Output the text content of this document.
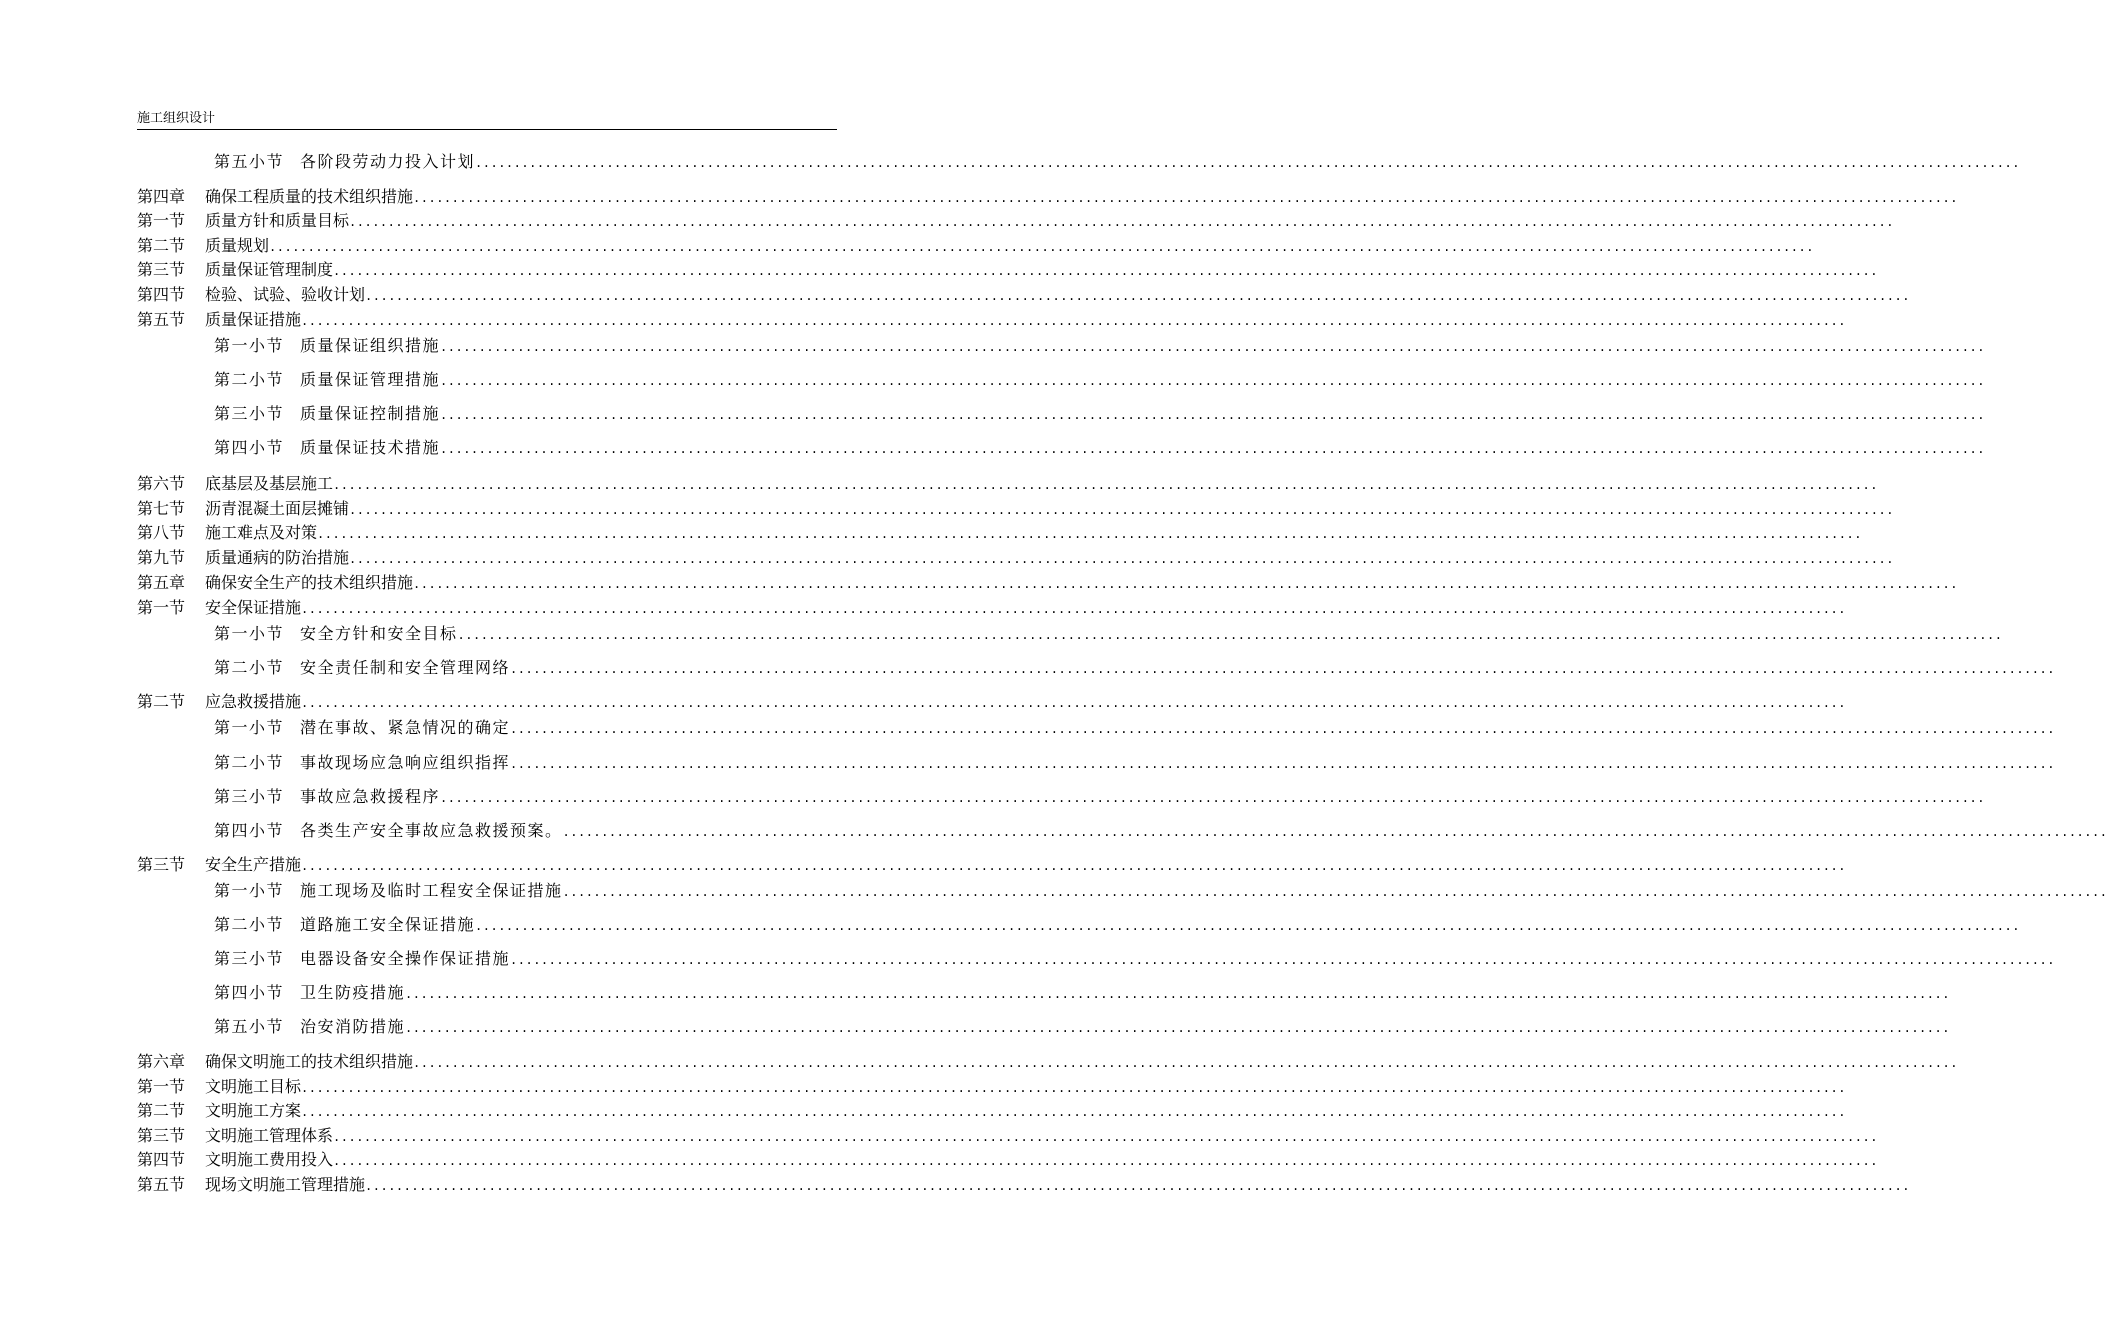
施工组织设计
第五小节 各阶段劳动力投入计划 ........................................................................................................................................................................................................
第四章	确保工程质量的技术组织措施 ........................................................................................................................................................................................................
第一节	质量方针和质量目标 ........................................................................................................................................................................................................
第二节	质量规划 ........................................................................................................................................................................................................
第三节	质量保证管理制度 ........................................................................................................................................................................................................
第四节	检验、试验、验收计划 ........................................................................................................................................................................................................
第五节	质量保证措施 ........................................................................................................................................................................................................
第一小节 质量保证组织措施 ........................................................................................................................................................................................................
第二小节 质量保证管理措施 ........................................................................................................................................................................................................
第三小节 质量保证控制措施 ........................................................................................................................................................................................................
第四小节 质量保证技术措施 ........................................................................................................................................................................................................
第六节	底基层及基层施工 ........................................................................................................................................................................................................
第七节	沥青混凝土面层摊铺 ........................................................................................................................................................................................................
第八节	施工难点及对策 ........................................................................................................................................................................................................
第九节	质量通病的防治措施 ........................................................................................................................................................................................................
第五章	确保安全生产的技术组织措施 ........................................................................................................................................................................................................
第一节	安全保证措施 ........................................................................................................................................................................................................
第一小节 安全方针和安全目标 ........................................................................................................................................................................................................
第二小节 安全责任制和安全管理网络 ........................................................................................................................................................................................................
第二节	应急救援措施 ........................................................................................................................................................................................................
第一小节 潜在事故、紧急情况的确定 ........................................................................................................................................................................................................
第二小节 事故现场应急响应组织指挥 ........................................................................................................................................................................................................
第三小节 事故应急救援程序 ........................................................................................................................................................................................................
第四小节 各类生产安全事故应急救援预案。 ........................................................................................................................................................................................................
第三节	安全生产措施 ........................................................................................................................................................................................................
第一小节 施工现场及临时工程安全保证措施 ........................................................................................................................................................................................................
第二小节 道路施工安全保证措施 ........................................................................................................................................................................................................
第三小节 电器设备安全操作保证措施 ........................................................................................................................................................................................................
第四小节 卫生防疫措施 ........................................................................................................................................................................................................
第五小节 治安消防措施 ........................................................................................................................................................................................................
第六章	确保文明施工的技术组织措施 ........................................................................................................................................................................................................
第一节	文明施工目标 ........................................................................................................................................................................................................
第二节	文明施工方案 ........................................................................................................................................................................................................
第三节	文明施工管理体系 ........................................................................................................................................................................................................
第四节	文明施工费用投入 ........................................................................................................................................................................................................
第五节	现场文明施工管理措施 ........................................................................................................................................................................................................
